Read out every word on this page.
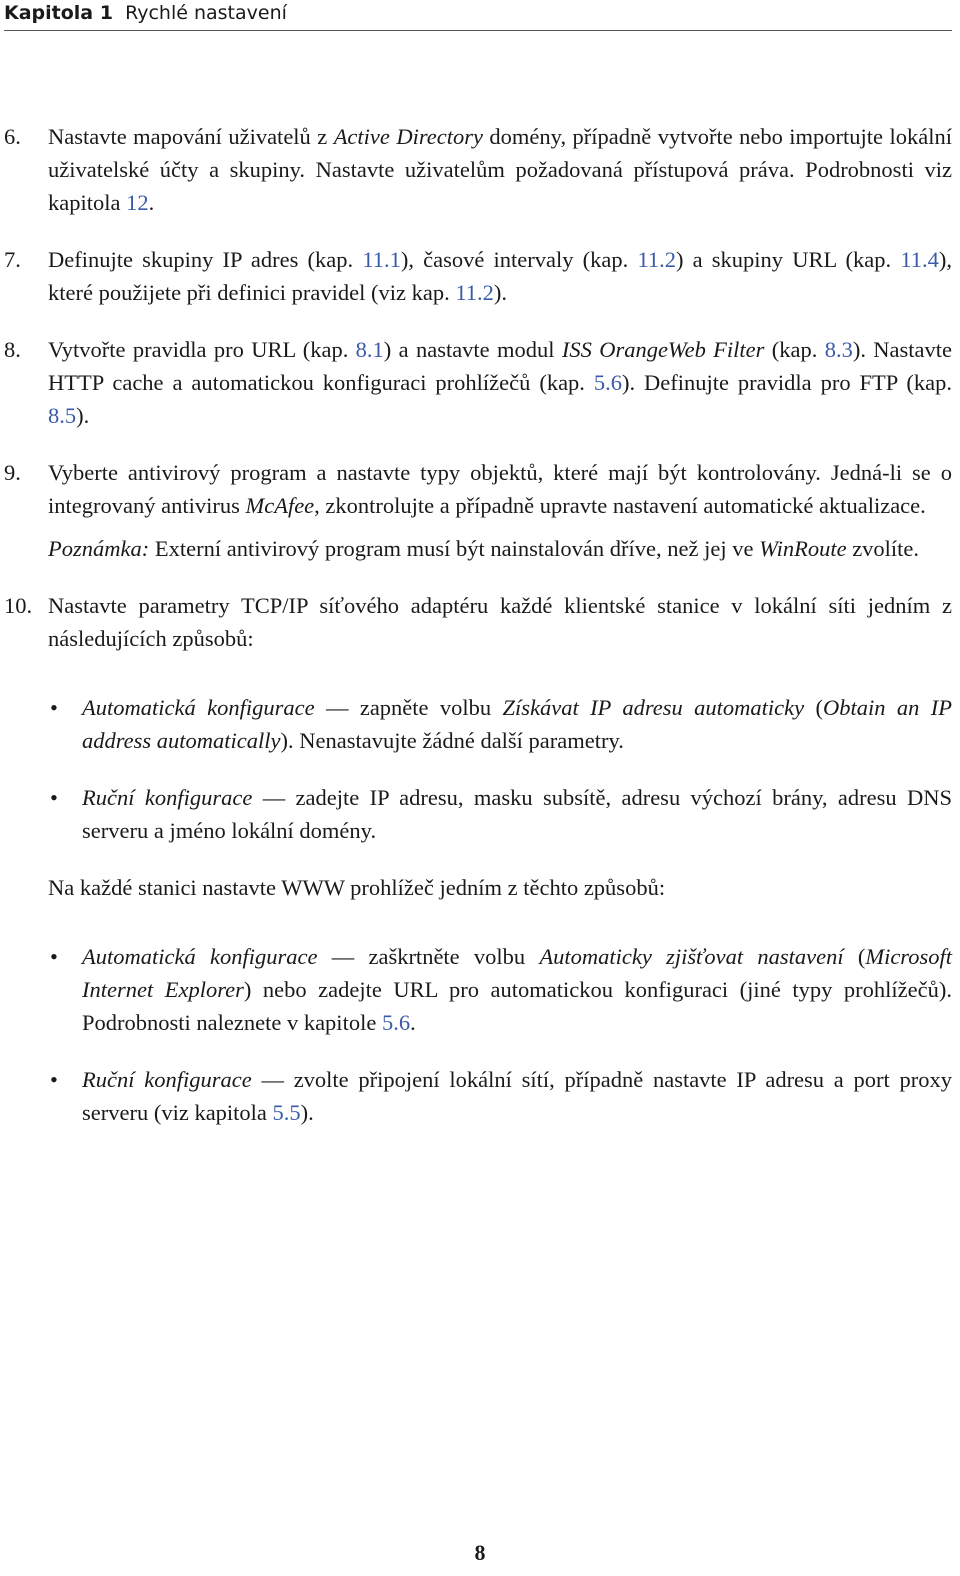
Kapitola 1 Rychlé nastavení
6. Nastavte mapování uživatelů z Active Directory domény, případně vytvořte nebo importujte lokální uživatelské účty a skupiny. Nastavte uživatelům požadovaná přístupová práva. Podrobnosti viz kapitola 12.

7. Definujte skupiny IP adres (kap. 11.1), časové intervaly (kap. 11.2) a skupiny URL (kap. 11.4), které použijete při definici pravidel (viz kap. 11.2).

8. Vytvořte pravidla pro URL (kap. 8.1) a nastavte modul ISS OrangeWeb Filter (kap. 8.3). Nastavte HTTP cache a automatickou konfiguraci prohlížečů (kap. 5.6). Definujte pravidla pro FTP (kap. 8.5).

9. Vyberte antivirový program a nastavte typy objektů, které mají být kontrolovány. Jedná-li se o integrovaný antivirus McAfee, zkontrolujte a případně upravte nastavení automatické aktualizace.

Poznámka: Externí antivirový program musí být nainstalován dříve, než jej ve WinRoute zvolíte.

10. Nastavte parametry TCP/IP síťového adaptéru každé klientské stanice v lokální síti jedním z následujících způsobů:

• Automatická konfigurace — zapněte volbu Získávat IP adresu automaticky (Obtain an IP address automatically). Nenastavujte žádné další parametry.
• Ruční konfigurace — zadejte IP adresu, masku subsítě, adresu výchozí brány, adresu DNS serveru a jméno lokální domény.
Na každé stanici nastavte WWW prohlížeč jedním z těchto způsobů:
• Automatická konfigurace — zaškrtněte volbu Automaticky zjišťovat nastavení (Microsoft Internet Explorer) nebo zadejte URL pro automatickou konfiguraci (jiné typy prohlížečů). Podrobnosti naleznete v kapitole 5.6.
• Ruční konfigurace — zvolte připojení lokální sítí, případně nastavte IP adresu a port proxy serveru (viz kapitola 5.5).
8
